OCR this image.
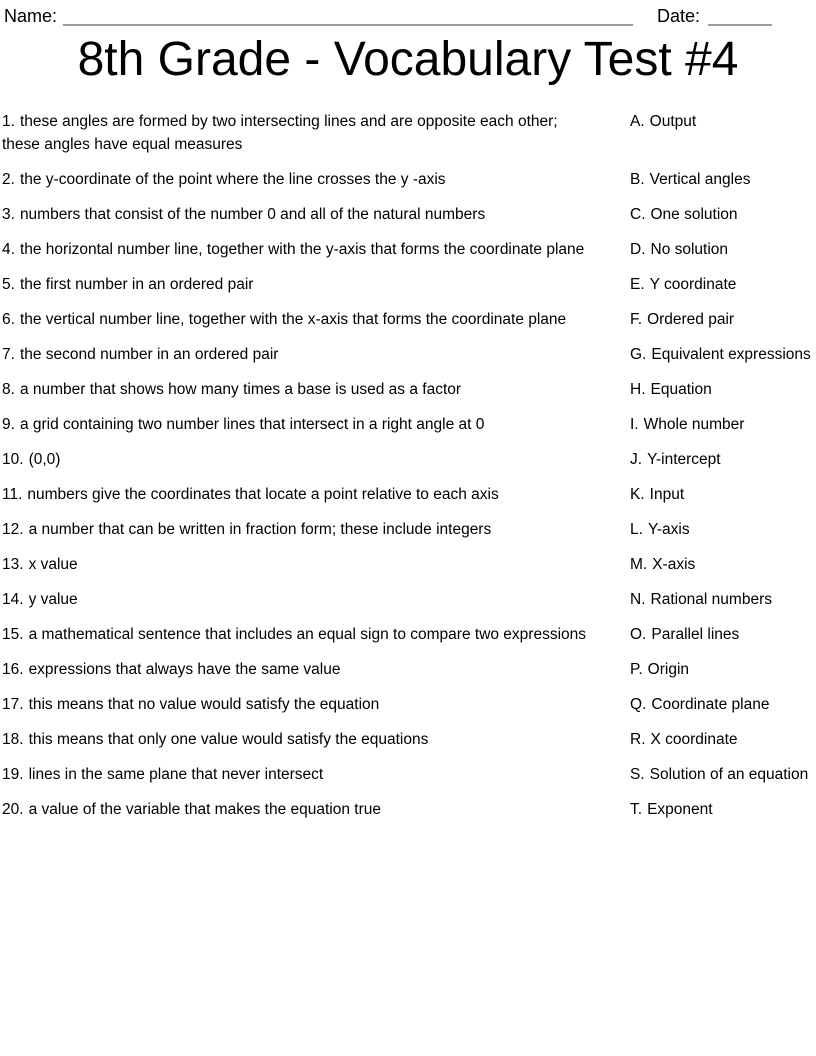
Name:	Date:
8th Grade - Vocabulary Test #4
1. these angles are formed by two intersecting lines and are opposite each other; these angles have equal measures
A. Output
2. the y-coordinate of the point where the line crosses the y -axis	B. Vertical angles
3. numbers that consist of the number 0 and all of the natural numbers	C. One solution
4. the horizontal number line, together with the y-axis that forms the coordinate plane	D. No solution
5. the first number in an ordered pair	E. Y coordinate
6. the vertical number line, together with the x-axis that forms the coordinate plane	F. Ordered pair
7. the second number in an ordered pair	G. Equivalent expressions
8. a number that shows how many times a base is used as a factor	H. Equation
9. a grid containing two number lines that intersect in a right angle at 0	I. Whole number
10. (0,0)	J. Y-intercept
11. numbers give the coordinates that locate a point relative to each axis	K. Input
12. a number that can be written in fraction form; these include integers	L. Y-axis
13. x value	M. X-axis
14. y value	N. Rational numbers
15. a mathematical sentence that includes an equal sign to compare two expressions	O. Parallel lines
16. expressions that always have the same value	P. Origin
17. this means that no value would satisfy the equation	Q. Coordinate plane
18. this means that only one value would satisfy the equations	R. X coordinate
19. lines in the same plane that never intersect	S. Solution of an equation
20. a value of the variable that makes the equation true	T. Exponent
